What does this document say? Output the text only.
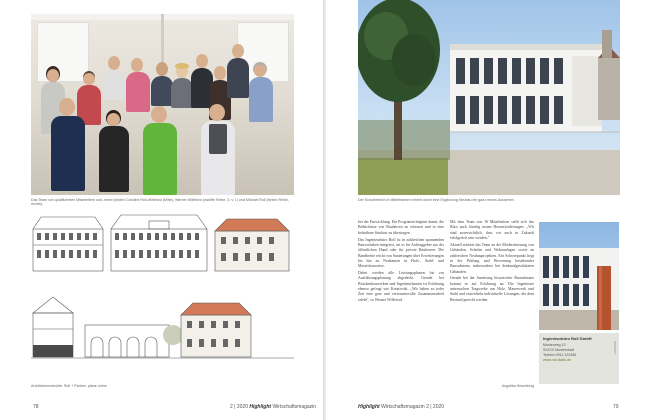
Das Team von qualifizierten Mitarbeitern und -innen (hinten Caroline Roll-Willeford (Mitte), Werner Willeford (zwölfte Reihe, 3. v. l.) und Michael Roll (hinten Reihe, rechts).
Architekturentwürfe: Roll + Partner, plans: keine

78	2 | 2020 Highlight Wirtschaftsmagazin
Der Schulbereich in Mittelfranken erhielt durch eine Ergänzung Neubau ein ganz neues Aussehen.

bei der Entwicklung. Ein Programm beginnt damit, die Bedürfnisse von Bauherren zu erfassen und in eine belastbare Struktur zu übertragen.

Das Ingenieurbüro Roll ist in zahlreichen spannenden Bauvorhaben integriert, sei es für Auftraggeber aus der öffentlichen Hand oder für private Bauherren. Die Bandbreite reicht von Sanierungen über Erweiterungen bis hin zu Neubauten in Holz-, Stahl- und Massivbauweise.

Dabei werden alle Leistungsphasen bis zur Ausführungsplanung abgedeckt. Gerade bei Brückenbauwerken und Ingenieurbauten ist Erfahrung ebenso gefragt wie Kreativität. „Wir haben zu jeder Zeit eine gute und vertrauensvolle Zusammenarbeit erlebt", so Werner Willeford.

Mit dem Team von 16 Mitarbeitern stellt sich das Büro auch künftig neuen Herausforderungen. „Wir sind zuversichtlich, dass wir auch in Zukunft erfolgreich sein werden."

Aktuell arbeitet das Team an der Modernisierung von Gebäuden, Schulen und Wohnanlagen sowie an zahlreichen Neubauprojekten. Ein Schwerpunkt liegt in der Prüfung und Bewertung bestehender Bausubstanz, insbesondere bei denkmalgeschützten Gebäuden.

Gerade bei der Sanierung historischer Bausubstanz kommt es auf Erfahrung an. Die Ingenieure untersuchen Tragwerke aus Holz, Mauerwerk und Stahl und entwickeln individuelle Lösungen, die dem Bestand gerecht werden.

Angelika Hirschberg
Ingenieurbüro Roll GmbH
Musterweg 12
91XXX Musterstadt
Telefon 0911 123456
www.roll-statik.de
ANZEIGE
Highlight Wirtschaftsmagazin 2 | 2020	79
